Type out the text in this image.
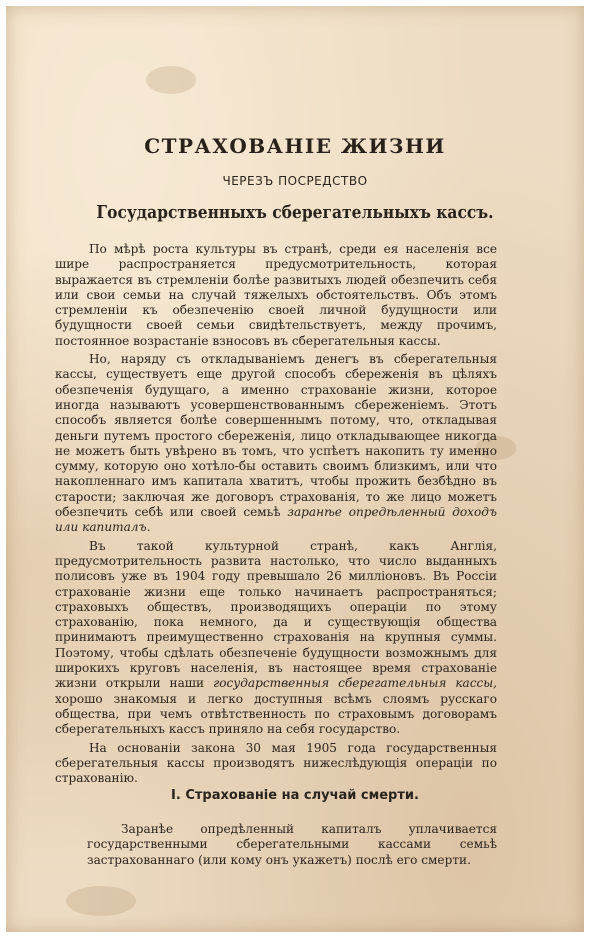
СТРАХОВАНІЕ ЖИЗНИ
ЧЕРЕЗЪ ПОСРЕДСТВО
Государственныхъ сберегательныхъ кассъ.

По мѣрѣ роста культуры въ странѣ, среди ея населенія все шире распространяется предусмотрительность, которая выражается въ стремленіи болѣе развитыхъ людей обезпечить себя или свои семьи на случай тяжелыхъ обстоятельствъ. Объ этомъ стремленіи къ обезпеченію своей личной будущности или будущности своей семьи свидѣтельствуетъ, между прочимъ, постоянное возрастаніе взносовъ въ сберегательныя кассы.

Но, наряду съ откладываніемъ денегъ въ сберегательныя кассы, существуетъ еще другой способъ сбереженія въ цѣляхъ обезпеченія будущаго, а именно страхованіе жизни, которое иногда называютъ усовершенствованнымъ сбереженіемъ. Этотъ способъ является болѣе совершеннымъ потому, что, откладывая деньги путемъ простого сбереженія, лицо откладывающее никогда не можетъ быть увѣрено въ томъ, что успѣетъ накопить ту именно сумму, которую оно хотѣло-бы оставить своимъ близкимъ, или что накопленнаго имъ капитала хватитъ, чтобы прожить безбѣдно въ старости; заключая же договоръ страхованія, то же лицо можетъ обезпечить себѣ или своей семьѣ заранѣе опредѣленный доходъ или капиталъ.

Въ такой культурной странѣ, какъ Англія, предусмотрительность развита настолько, что число выданныхъ полисовъ уже въ 1904 году превышало 26 милліоновъ. Въ Россіи страхованіе жизни еще только начинаетъ распространяться; страховыхъ обществъ, производящихъ операціи по этому страхованію, пока немного, да и существующія общества принимаютъ преимущественно страхованія на крупныя суммы. Поэтому, чтобы сдѣлать обезпеченіе будущности возможнымъ для широкихъ круговъ населенія, въ настоящее время страхованіе жизни открыли наши государственныя сберегательныя кассы, хорошо знакомыя и легко доступныя всѣмъ слоямъ русскаго общества, при чемъ отвѣтственность по страховымъ договорамъ сберегательныхъ кассъ приняло на себя государство.

На основаніи закона 30 мая 1905 года государственныя сберегательныя кассы производятъ нижеслѣдующія операціи по страхованію.

I. Страхованіе на случай смерти.

Заранѣе опредѣленный капиталъ уплачивается государственными сберегательными кассами семьѣ застрахованнаго (или кому онъ укажетъ) послѣ его смерти.
